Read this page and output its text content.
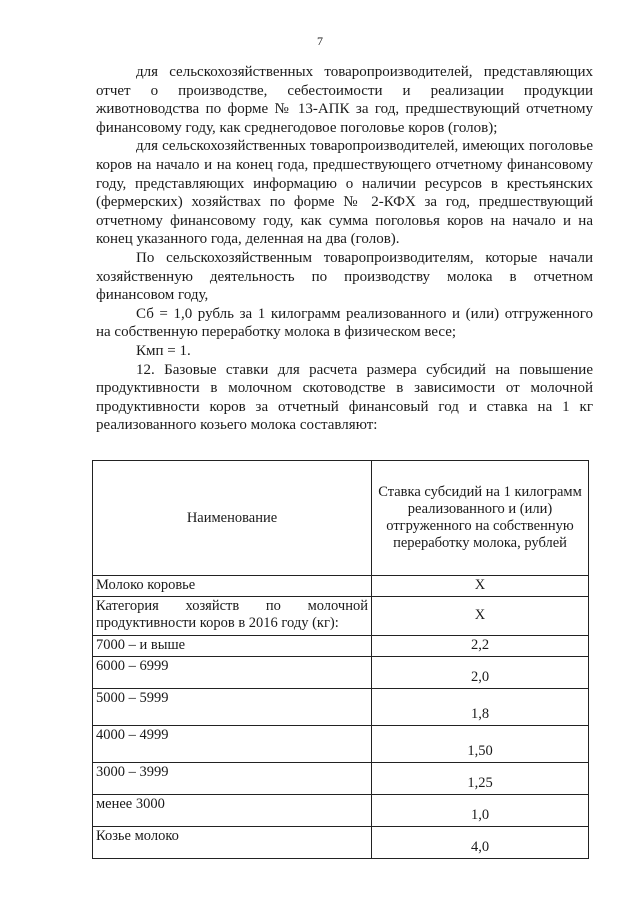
7

для сельскохозяйственных товаропроизводителей, представляющих отчет о производстве, себестоимости и реализации продукции животноводства по форме № 13-АПК за год, предшествующий отчетному финансовому году, как среднегодовое поголовье коров (голов);

для сельскохозяйственных товаропроизводителей, имеющих поголовье коров на начало и на конец года, предшествующего отчетному финансовому году, представляющих информацию о наличии ресурсов в крестьянских (фермерских) хозяйствах по форме № 2-КФХ за год, предшествующий отчетному финансовому году, как сумма поголовья коров на начало и на конец указанного года, деленная на два (голов).

По сельскохозяйственным товаропроизводителям, которые начали хозяйственную деятельность по производству молока в отчетном финансовом году,

Сб = 1,0 рубль за 1 килограмм реализованного и (или) отгруженного на собственную переработку молока в физическом весе;

Кмп = 1.

12. Базовые ставки для расчета размера субсидий на повышение продуктивности в молочном скотоводстве в зависимости от молочной продуктивности коров за отчетный финансовый год и ставка на 1 кг реализованного козьего молока составляют:

Наименование	Ставка субсидий на 1 килограмм реализованного и (или) отгруженного на собственную переработку молока, рублей
Молоко коровье	Х
Категория хозяйств по молочной продуктивности коров в 2016 году (кг):	Х
7000 – и выше	2,2
6000 – 6999	2,0
5000 – 5999	1,8
4000 – 4999	1,50
3000 – 3999	1,25
менее 3000	1,0
Козье молоко	4,0
